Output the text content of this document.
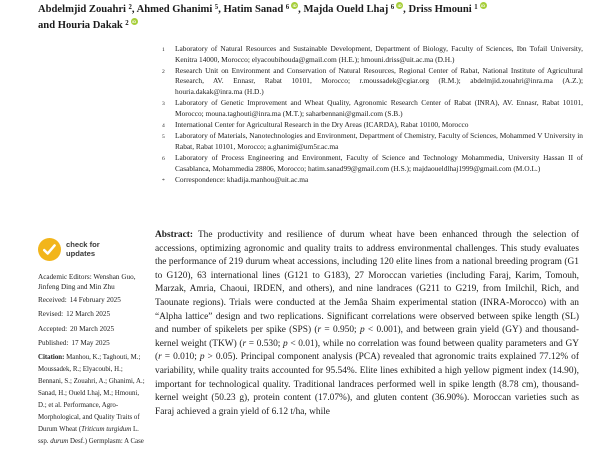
Abdelmjid Zouahri $^2$, Ahmed Ghanimi $^5$, Hatim Sanad $^6$ iD , Majda Oueld Lhaj $^6$ iD , Driss Hmouni $^1$iD

and Houria Dakak $^2$iD

1	Laboratory of Natural Resources and Sustainable Development, Department of Biology, Faculty of Sciences, Ibn Tofail University, Kenitra 14000, Morocco; elyacoubihouda@gmail.com (H.E.); hmouni.driss@uit.ac.ma (D.H.)
2	Research Unit on Environment and Conservation of Natural Resources, Regional Center of Rabat, National Institute of Agricultural Research, AV. Ennasr, Rabat 10101, Morocco; r.moussadek@cgiar.org (R.M.); abdelmjid.zouahri@inra.ma (A.Z.); houria.dakak@inra.ma (H.D.)
3	Laboratory of Genetic Improvement and Wheat Quality, Agronomic Research Center of Rabat (INRA), AV. Ennasr, Rabat 10101, Morocco; mouna.taghouti@inra.ma (M.T.); saharbennani@gmail.com (S.B.)
4	International Center for Agricultural Research in the Dry Areas (ICARDA), Rabat 10100, Morocco
5	Laboratory of Materials, Nanotechnologies and Environment, Department of Chemistry, Faculty of Sciences, Mohammed V University in Rabat, Rabat 10101, Morocco; a.ghanimi@um5r.ac.ma
6	Laboratory of Process Engineering and Environment, Faculty of Science and Technology Mohammedia, University Hassan II of Casablanca, Mohammedia 28806, Morocco; hatim.sanad99@gmail.com (H.S.); majdaoueldlhaj1999@gmail.com (M.O.L.)
*	Correspondence: khadija.manhou@uit.ac.ma
Abstract: The productivity and resilience of durum wheat have been enhanced through the selection of accessions, optimizing agronomic and quality traits to address environmental challenges. This study evaluates the performance of 219 durum wheat accessions, including 120 elite lines from a national breeding program (G1 to G120), 63 international lines (G121 to G183), 27 Moroccan varieties (including Faraj, Karim, Tomouh, Marzak, Amria, Chaoui, IRDEN, and others), and nine landraces (G211 to G219, from Imilchil, Rich, and Taounate regions). Trials were conducted at the Jemâa Shaim experimental station (INRA-Morocco) with an “Alpha lattice” design and two replications. Significant correlations were observed between spike length (SL) and number of spikelets per spike (SPS) (r = 0.950; p < 0.001), and between grain yield (GY) and thousand-kernel weight (TKW) (r = 0.530; p < 0.01), while no correlation was found between quality parameters and GY (r = 0.010; p > 0.05). Principal component analysis (PCA) revealed that agronomic traits explained 77.12% of variability, while quality traits accounted for 95.54%. Elite lines exhibited a high yellow pigment index (14.90), important for technological quality. Traditional landraces performed well in spike length (8.78 cm), thousand-kernel weight (50.23 g), protein content (17.07%), and gluten content (36.90%). Moroccan varieties such as Faraj achieved a grain yield of 6.12 t/ha, while
check for
updates

Academic Editors: Wenshan Guo, Jinfeng Ding and Min Zhu

Received: 14 February 2025

Revised: 12 March 2025

Accepted: 20 March 2025

Published: 17 May 2025

Citation: Manhou, K.; Taghouti, M.; Moussadek, R.; Elyacoubi, H.; Bennani, S.; Zouahri, A.; Ghanimi, A.; Sanad, H.; Oueld Lhaj, M.; Hmouni, D.; et al. Performance, Agro-Morphological, and Quality Traits of Durum Wheat (Triticum turgidum L. ssp. durum Desf.) Germplasm: A Case
